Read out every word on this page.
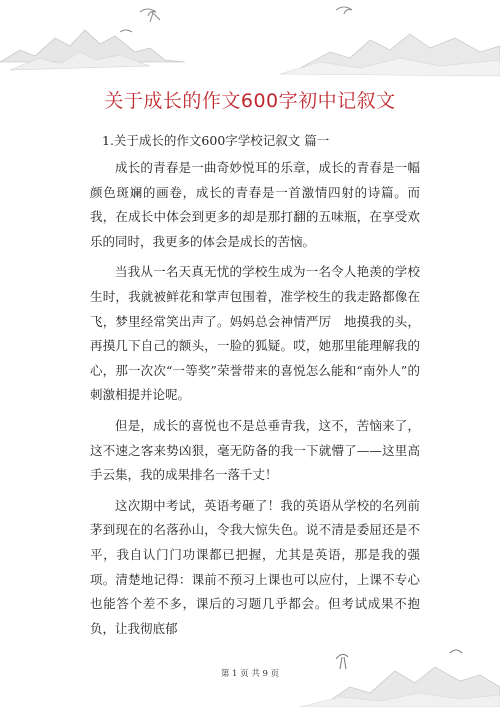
关于成长的作文600字初中记叙文
1.关于成长的作文600字学校记叙文 篇一

成长的青春是一曲奇妙悦耳的乐章，成长的青春是一幅颜色斑斓的画卷，成长的青春是一首激情四射的诗篇。而我，在成长中体会到更多的却是那打翻的五味瓶，在享受欢乐的同时，我更多的体会是成长的苦恼。

当我从一名天真无忧的学校生成为一名令人艳羡的学校生时，我就被鲜花和掌声包围着，准学校生的我走路都像在飞，梦里经常笑出声了。妈妈总会神情严厉　地摸我的头，再摸几下自己的额头，一脸的狐疑。哎，她那里能理解我的心，那一次次“一等奖”荣誉带来的喜悦怎么能和“南外人”的刺激相提并论呢。

但是，成长的喜悦也不是总垂青我，这不，苦恼来了，这不速之客来势凶狠，毫无防备的我一下就懵了——这里高手云集，我的成果排名一落千丈！

这次期中考试，英语考砸了！我的英语从学校的名列前茅到现在的名落孙山，令我大惊失色。说不清是委屈还是不平，我自认门门功课都已把握，尤其是英语，那是我的强项。清楚地记得：课前不预习上课也可以应付，上课不专心也能答个差不多，课后的习题几乎都会。但考试成果不抱负，让我彻底郁

第 1 页 共 9 页
